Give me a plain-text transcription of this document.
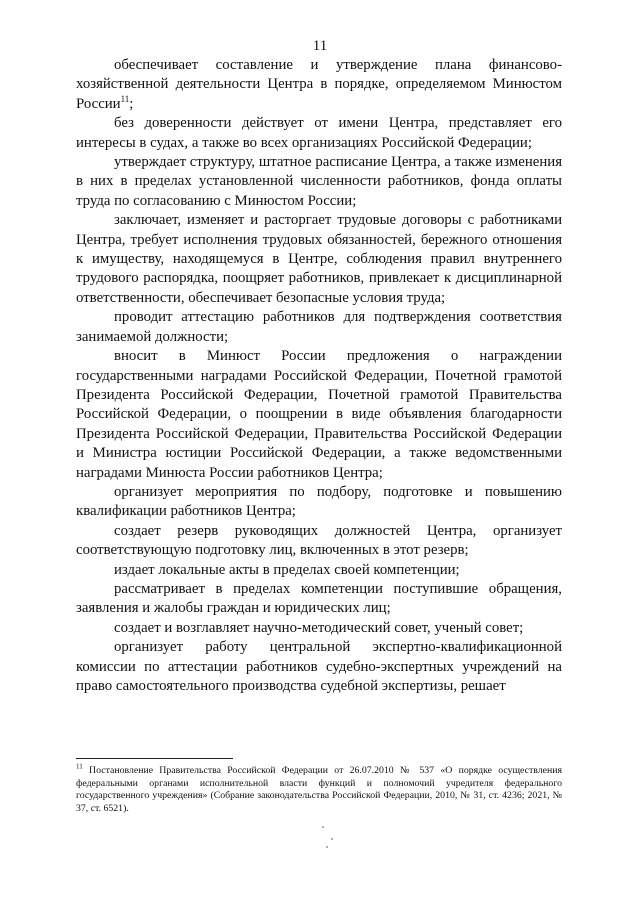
11

обеспечивает составление и утверждение плана финансово-хозяйственной деятельности Центра в порядке, определяемом Минюстом России$^{11}$;

без доверенности действует от имени Центра, представляет его интересы в судах, а также во всех организациях Российской Федерации;

утверждает структуру, штатное расписание Центра, а также изменения в них в пределах установленной численности работников, фонда оплаты труда по согласованию с Минюстом России;

заключает, изменяет и расторгает трудовые договоры с работниками Центра, требует исполнения трудовых обязанностей, бережного отношения к имуществу, находящемуся в Центре, соблюдения правил внутреннего трудового распорядка, поощряет работников, привлекает к дисциплинарной ответственности, обеспечивает безопасные условия труда;

проводит аттестацию работников для подтверждения соответствия занимаемой должности;

вносит в Минюст России предложения о награждении государственными наградами Российской Федерации, Почетной грамотой Президента Российской Федерации, Почетной грамотой Правительства Российской Федерации, о поощрении в виде объявления благодарности Президента Российской Федерации, Правительства Российской Федерации и Министра юстиции Российской Федерации, а также ведомственными наградами Минюста России работников Центра;

организует мероприятия по подбору, подготовке и повышению квалификации работников Центра;

создает резерв руководящих должностей Центра, организует соответствующую подготовку лиц, включенных в этот резерв;

издает локальные акты в пределах своей компетенции;

рассматривает в пределах компетенции поступившие обращения, заявления и жалобы граждан и юридических лиц;

создает и возглавляет научно-методический совет, ученый совет;

организует работу центральной экспертно-квалификационной комиссии по аттестации работников судебно-экспертных учреждений на право самостоятельного производства судебной экспертизы, решает

$^{11}$ Постановление Правительства Российской Федерации от 26.07.2010 № 537 «О порядке осуществления федеральными органами исполнительной власти функций и полномочий учредителя федерального государственного учреждения» (Собрание законодательства Российской Федерации, 2010, № 31, ст. 4236; 2021, № 37, ст. 6521).
